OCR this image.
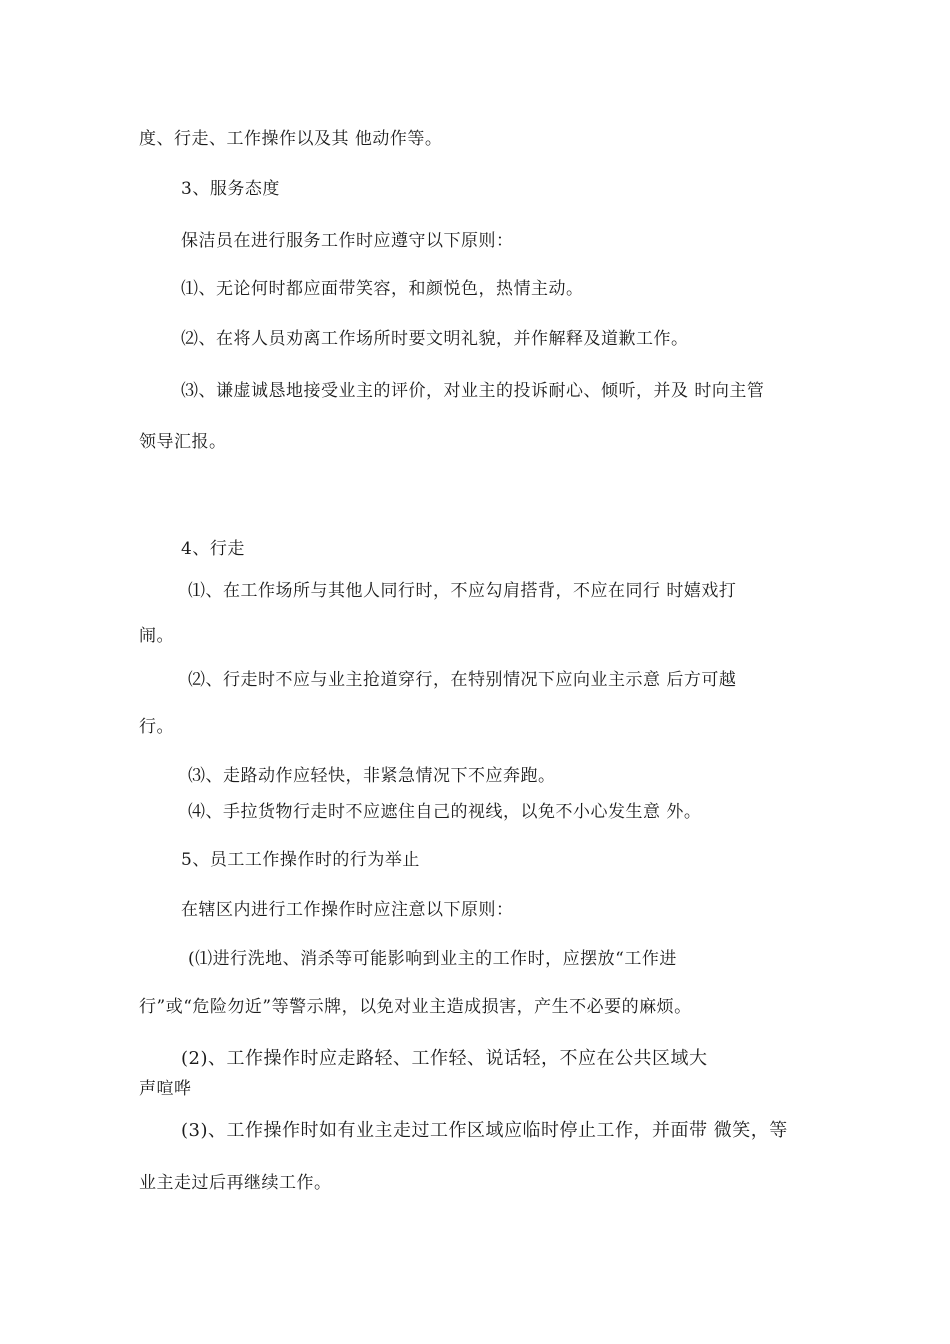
度、行走、工作操作以及其 他动作等。
3、服务态度
保洁员在进行服务工作时应遵守以下原则：
⑴、无论何时都应面带笑容，和颜悦色，热情主动。
⑵、在将人员劝离工作场所时要文明礼貌，并作解释及道歉工作。
⑶、谦虚诚恳地接受业主的评价，对业主的投诉耐心、倾听，并及 时向主管
领导汇报。
4、行走
⑴、在工作场所与其他人同行时，不应勾肩搭背，不应在同行 时嬉戏打
闹。
⑵、行走时不应与业主抢道穿行，在特别情况下应向业主示意 后方可越
行。
⑶、走路动作应轻快，非紧急情况下不应奔跑。
⑷、手拉货物行走时不应遮住自己的视线，以免不小心发生意 外。
5、员工工作操作时的行为举止
在辖区内进行工作操作时应注意以下原则：
(⑴进行洗地、消杀等可能影响到业主的工作时，应摆放“工作进
行”或“危险勿近”等警示牌，以免对业主造成损害，产生不必要的麻烦。
(2)、工作操作时应走路轻、工作轻、说话轻，不应在公共区域大
声喧哗
(3)、工作操作时如有业主走过工作区域应临时停止工作，并面带 微笑，等
业主走过后再继续工作。
